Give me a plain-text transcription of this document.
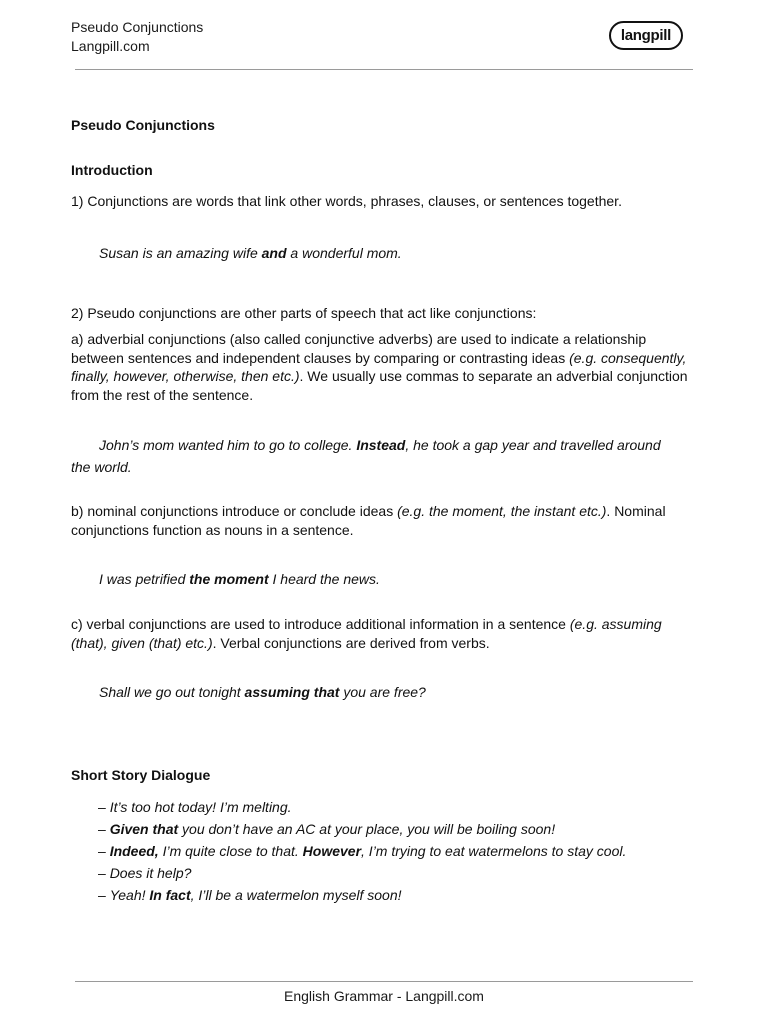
Pseudo Conjunctions
Langpill.com
langpill
Pseudo Conjunctions
Introduction
1) Conjunctions are words that link other words, phrases, clauses, or sentences together.
Susan is an amazing wife and a wonderful mom.
2) Pseudo conjunctions are other parts of speech that act like conjunctions:
a) adverbial conjunctions (also called conjunctive adverbs) are used to indicate a relationship between sentences and independent clauses by comparing or contrasting ideas (e.g. consequently, finally, however, otherwise, then etc.). We usually use commas to separate an adverbial conjunction from the rest of the sentence.
John’s mom wanted him to go to college. Instead, he took a gap year and travelled around the world.
b) nominal conjunctions introduce or conclude ideas (e.g. the moment, the instant etc.). Nominal conjunctions function as nouns in a sentence.
I was petrified the moment I heard the news.
c) verbal conjunctions are used to introduce additional information in a sentence (e.g. assuming (that), given (that) etc.). Verbal conjunctions are derived from verbs.
Shall we go out tonight assuming that you are free?
Short Story Dialogue
– It’s too hot today! I’m melting.
– Given that you don’t have an AC at your place, you will be boiling soon!
– Indeed, I’m quite close to that. However, I’m trying to eat watermelons to stay cool.
– Does it help?
– Yeah! In fact, I’ll be a watermelon myself soon!
English Grammar - Langpill.com
